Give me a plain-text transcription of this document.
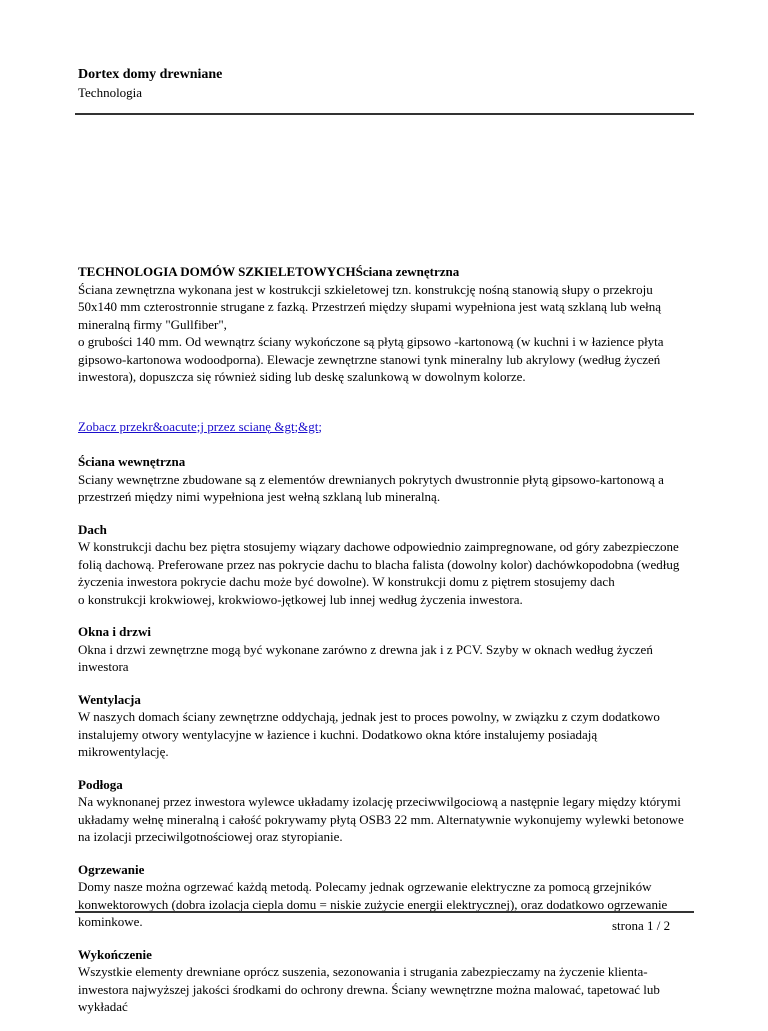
Dortex domy drewniane
Technologia

TECHNOLOGIA DOMÓW SZKIELETOWYCHŚciana zewnętrzna

Ściana zewnętrzna wykonana jest w kostrukcji szkieletowej tzn. konstrukcję nośną stanowią słupy o przekroju 50x140 mm czterostronnie strugane z fazką. Przestrzeń między słupami wypełniona jest watą szklaną lub wełną mineralną firmy "Gullfiber",

o grubości 140 mm. Od wewnątrz ściany wykończone są płytą gipsowo -kartonową (w kuchni i w łazience płyta gipsowo-kartonowa wodoodporna). Elewacje zewnętrzne stanowi tynk mineralny lub akrylowy (według życzeń inwestora), dopuszcza się również siding lub deskę szalunkową w dowolnym kolorze.

Zobacz przekr&oacute;j przez scianę &gt;&gt;

Ściana wewnętrzna

Sciany wewnętrzne zbudowane są z elementów drewnianych pokrytych dwustronnie płytą gipsowo-kartonową a przestrzeń między nimi wypełniona jest wełną szklaną lub mineralną.

Dach

W konstrukcji dachu bez piętra stosujemy wiązary dachowe odpowiednio zaimpregnowane, od góry zabezpieczone folią dachową. Preferowane przez nas pokrycie dachu to blacha falista (dowolny kolor) dachówkopodobna (według życzenia inwestora pokrycie dachu może być dowolne). W konstrukcji domu z piętrem stosujemy dach

o konstrukcji krokwiowej, krokwiowo-jętkowej lub innej według życzenia inwestora.

Okna i drzwi

Okna i drzwi zewnętrzne mogą być wykonane zarówno z drewna jak i z PCV. Szyby w oknach według życzeń inwestora

Wentylacja

W naszych domach ściany zewnętrzne oddychają, jednak jest to proces powolny, w związku z czym dodatkowo instalujemy otwory wentylacyjne w łazience i kuchni. Dodatkowo okna które instalujemy posiadają mikrowentylację.

Podłoga

Na wyknonanej przez inwestora wylewce układamy izolację przeciwwilgociową a następnie legary między którymi układamy wełnę mineralną i całość pokrywamy płytą OSB3 22 mm. Alternatywnie wykonujemy wylewki betonowe na izolacji przeciwilgotnościowej oraz styropianie.

Ogrzewanie

Domy nasze można ogrzewać każdą metodą. Polecamy jednak ogrzewanie elektryczne za pomocą grzejników konwektorowych (dobra izolacja ciepla domu = niskie zużycie energii elektrycznej), oraz dodatkowo ogrzewanie kominkowe.

Wykończenie

Wszystkie elementy drewniane oprócz suszenia, sezonowania i strugania zabezpieczamy na życzenie klienta-inwestora najwyższej jakości środkami do ochrony drewna. Ściany wewnętrzne można malować, tapetować lub wykładać

strona 1 / 2
